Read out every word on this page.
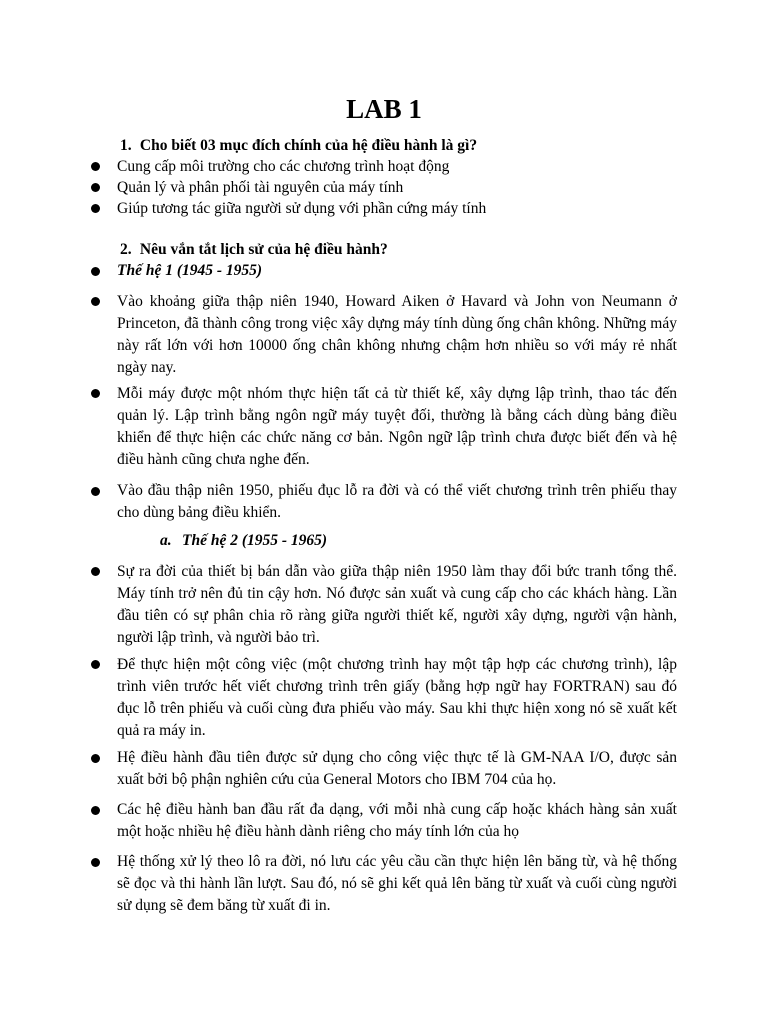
LAB 1
1. Cho biết 03 mục đích chính của hệ điều hành là gì?
Cung cấp môi trường cho các chương trình hoạt động
Quản lý và phân phối tài nguyên của máy tính
Giúp tương tác giữa người sử dụng với phần cứng máy tính
2. Nêu vắn tắt lịch sử của hệ điều hành?
Thế hệ 1 (1945 - 1955)
Vào khoảng giữa thập niên 1940, Howard Aiken ở Havard và John von Neumann ở Princeton, đã thành công trong việc xây dựng máy tính dùng ống chân không. Những máy này rất lớn với hơn 10000 ống chân không nhưng chậm hơn nhiều so với máy rẻ nhất ngày nay.
Mỗi máy được một nhóm thực hiện tất cả từ thiết kế, xây dựng lập trình, thao tác đến quản lý. Lập trình bằng ngôn ngữ máy tuyệt đối, thường là bằng cách dùng bảng điều khiển để thực hiện các chức năng cơ bản. Ngôn ngữ lập trình chưa được biết đến và hệ điều hành cũng chưa nghe đến.
Vào đầu thập niên 1950, phiếu đục lỗ ra đời và có thể viết chương trình trên phiếu thay cho dùng bảng điều khiển.
a. Thế hệ 2 (1955 - 1965)
Sự ra đời của thiết bị bán dẫn vào giữa thập niên 1950 làm thay đổi bức tranh tổng thể. Máy tính trở nên đủ tin cậy hơn. Nó được sản xuất và cung cấp cho các khách hàng. Lần đầu tiên có sự phân chia rõ ràng giữa người thiết kế, người xây dựng, người vận hành, người lập trình, và người bảo trì.
Để thực hiện một công việc (một chương trình hay một tập hợp các chương trình), lập trình viên trước hết viết chương trình trên giấy (bằng hợp ngữ hay FORTRAN) sau đó đục lỗ trên phiếu và cuối cùng đưa phiếu vào máy. Sau khi thực hiện xong nó sẽ xuất kết quả ra máy in.
Hệ điều hành đầu tiên được sử dụng cho công việc thực tế là GM-NAA I/O, được sản xuất bởi bộ phận nghiên cứu của General Motors cho IBM 704 của họ.
Các hệ điều hành ban đầu rất đa dạng, với mỗi nhà cung cấp hoặc khách hàng sản xuất một hoặc nhiều hệ điều hành dành riêng cho máy tính lớn của họ
Hệ thống xử lý theo lô ra đời, nó lưu các yêu cầu cần thực hiện lên băng từ, và hệ thống sẽ đọc và thi hành lần lượt. Sau đó, nó sẽ ghi kết quả lên băng từ xuất và cuối cùng người sử dụng sẽ đem băng từ xuất đi in.
